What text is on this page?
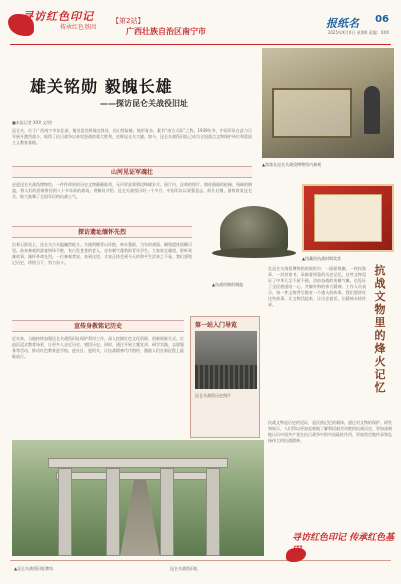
寻访红色印记
传承红色基因
【第2站】
广西壮族自治区南宁市
报纸名 06
2025年X月X日 星期X 责编：XXX
雄关铭勋 毅魄长雄
——探访昆仑关战役旧址
■本报记者 XXX 文/图
昆仑关，位于广西南宁市东北部，地处邕宾两地交界处，因山势险峻、地形复杂，素有“南方天险”之称。1939年冬，中国军队在此与日军展开激烈战斗，取得了抗日战争以来攻坚战的重大胜利，史称昆仑关大捷。如今，昆仑关战役旧址已成为全国重点文物保护单位和爱国主义教育基地。
▲游客在昆仑关战役博物馆内参观
山河见证军魂壮
走进昆仑关战役博物馆，一件件珍贵的历史文物静静陈列，无声诉说着那段峥嵘岁月。展厅内，泛黄的照片、锈迹斑斑的枪械、残缺的钢盔，将人们的思绪带回到八十多年前的战场。讲解员介绍，昆仑关战役历时一个多月，中国军队以顽强意志，前仆后继，最终收复昆仑关，极大鼓舞了全国军民的抗战士气。
探访遗址缅怀先烈
沿着石阶而上，昆仑关古关隘巍然屹立。关楼两侧青山环抱，林木葱郁，当年的战壕、碉堡遗迹依稀可见。前来参观的游客络绎不绝，有白发苍苍的老人，也有朝气蓬勃的青年学生。大家驻足凝望，聆听英雄故事，缅怀革命先烈。一位参观者说，来到这里，才真正体会到今天的和平生活来之不易，我们要铭记历史，珍惜当下，努力奋斗。
▲抗战时期的钢盔
▲馆藏的抗战时期奖状
在昆仑关战役博物馆的展柜中，一面面锦旗、一枚枚勋章、一封封家书，承载着厚重的历史记忆。这些文物见证了中华儿女不屈不挠、浴血奋战的英雄气概，也见证了全民族团结一心、共御外侮的伟大精神。工作人员表示，每一件文物背后都有一个感人的故事，我们要讲好这些故事，让文物活起来，让历史说话，让精神永续传承。
抗战文物是历史的见证，是民族记忆的载体。通过对文物的保护、研究和展示，人们得以更加直观地了解那段艰苦卓绝的抗战历史，更加深刻地认识中国共产党在抗日战争中的中流砥柱作用，更加坚定地传承和弘扬伟大的抗战精神。
抗战文物里的烽火记忆
宣传身教铭记历史
近年来，当地持续加强昆仑关战役旧址保护利用工作，深入挖掘红色文化资源，创新展陈方式，打造沉浸式教育场景，让更多人走近历史、感悟历史。同时，通过开展主题宣讲、研学实践、志愿服务等活动，推动红色教育进学校、进社区、进机关，让抗战精神代代相传，激励人们在新征程上砥砺前行。
第一站入门导览
昆仑关战役历史照片
▲昆仑关战役旧址牌坊	昆仑关战役旧址
寻访红色印记 传承红色基因
